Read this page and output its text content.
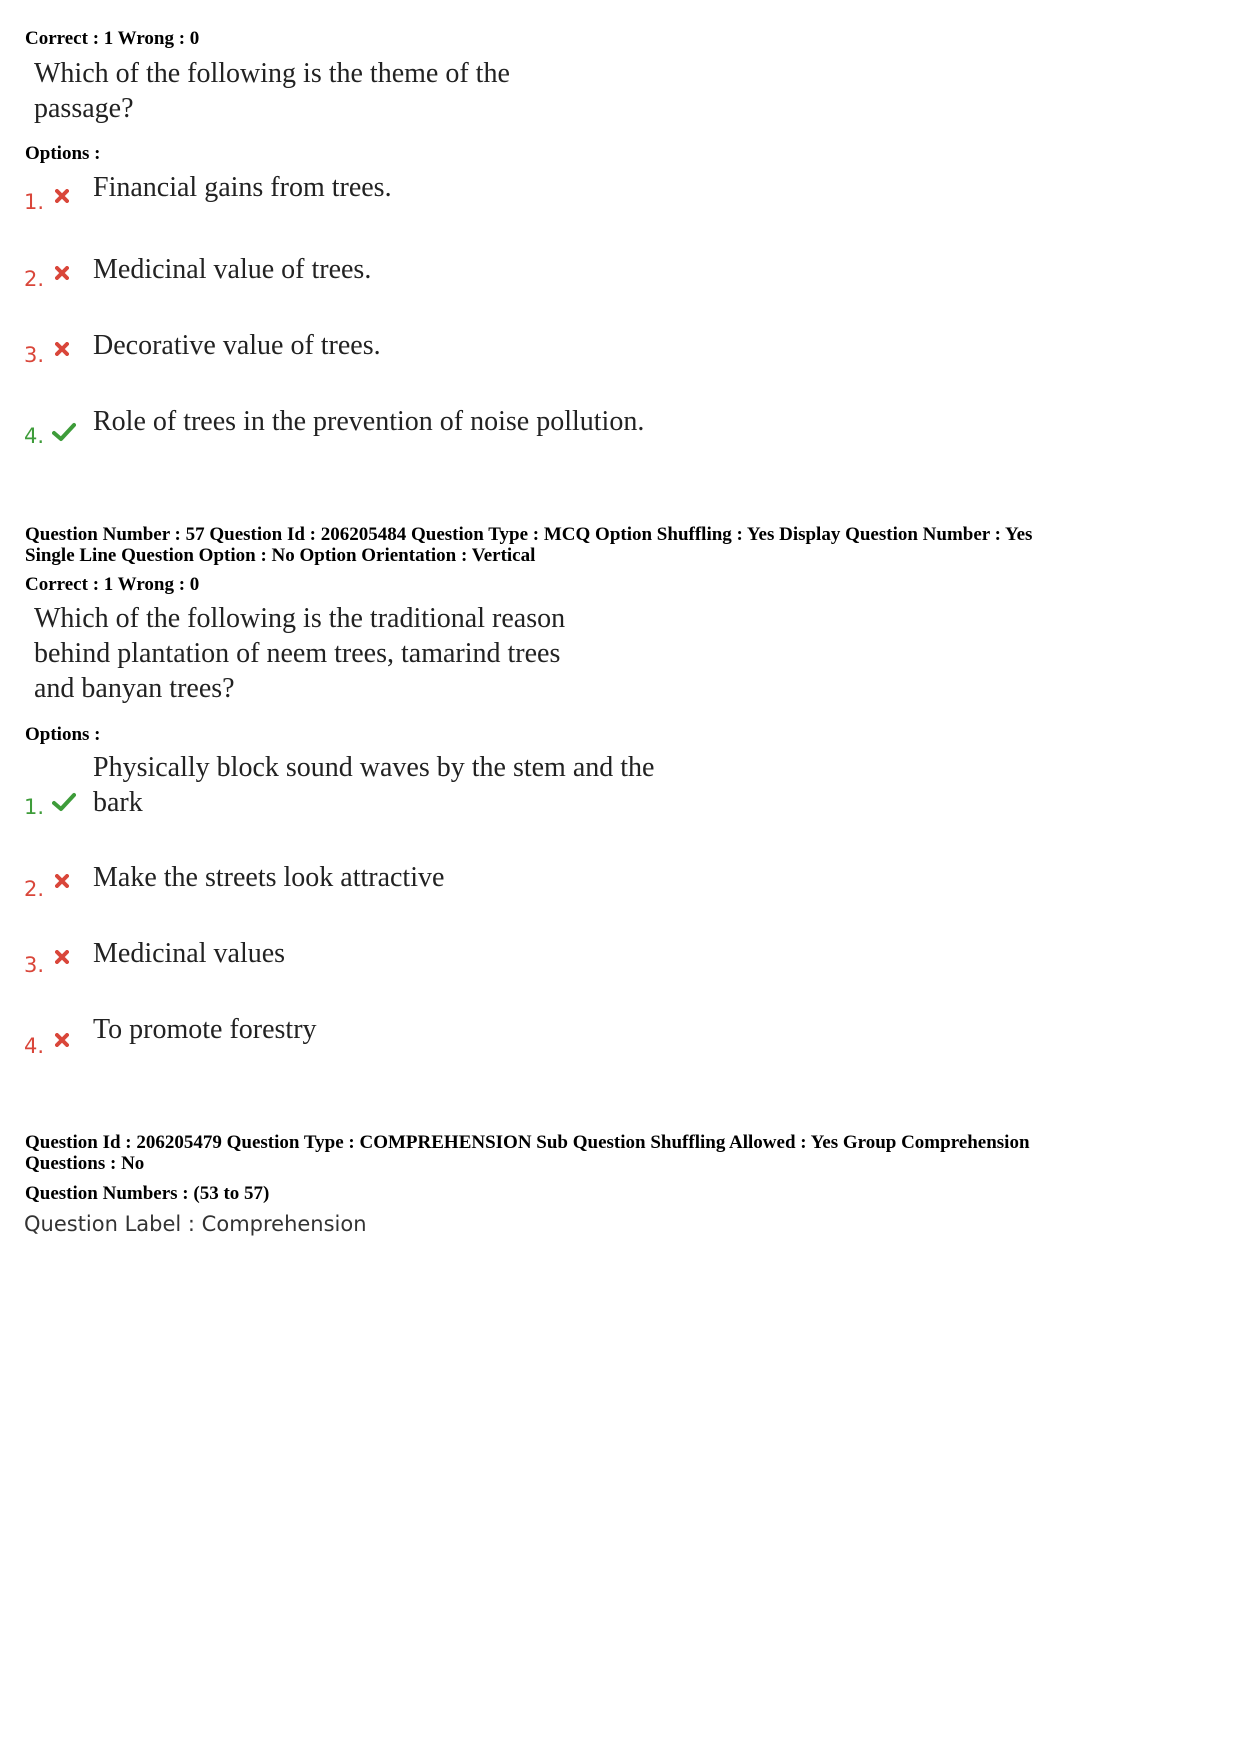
Correct : 1 Wrong : 0
Which of the following is the theme of the
passage?
Options :
1. Financial gains from trees.
2. Medicinal value of trees.
3. Decorative value of trees.
4. Role of trees in the prevention of noise pollution.
Question Number : 57 Question Id : 206205484 Question Type : MCQ Option Shuffling : Yes Display Question Number : Yes
Single Line Question Option : No Option Orientation : Vertical
Correct : 1 Wrong : 0
Which of the following is the traditional reason
behind plantation of neem trees, tamarind trees
and banyan trees?
Options :
1.
Physically block sound waves by the stem and the
bark
2. Make the streets look attractive
3. Medicinal values
4.
To promote forestry
Question Id : 206205479 Question Type : COMPREHENSION Sub Question Shuffling Allowed : Yes Group Comprehension
Questions : No
Question Numbers : (53 to 57)
Question Label : Comprehension
